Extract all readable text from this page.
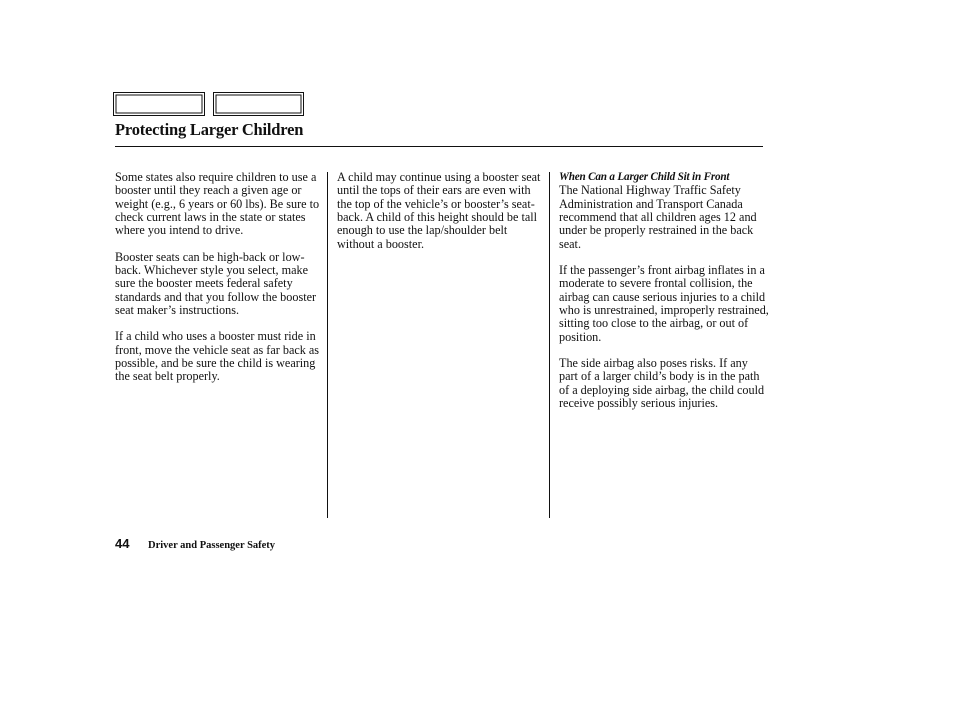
Protecting Larger Children

Some states also require children to use a booster until they reach a given age or weight (e.g., 6 years or 60 lbs). Be sure to check current laws in the state or states where you intend to drive.

Booster seats can be high-back or low-back. Whichever style you select, make sure the booster meets federal safety standards and that you follow the booster seat maker’s instructions.

If a child who uses a booster must ride in front, move the vehicle seat as far back as possible, and be sure the child is wearing the seat belt properly.

A child may continue using a booster seat until the tops of their ears are even with the top of the vehicle’s or booster’s seat-back. A child of this height should be tall enough to use the lap/shoulder belt without a booster.

When Can a Larger Child Sit in Front
The National Highway Traffic Safety Administration and Transport Canada recommend that all children ages 12 and under be properly restrained in the back seat.

If the passenger’s front airbag inflates in a moderate to severe frontal collision, the airbag can cause serious injuries to a child who is unrestrained, improperly restrained, sitting too close to the airbag, or out of position.

The side airbag also poses risks. If any part of a larger child’s body is in the path of a deploying side airbag, the child could receive possibly serious injuries.

44 Driver and Passenger Safety
